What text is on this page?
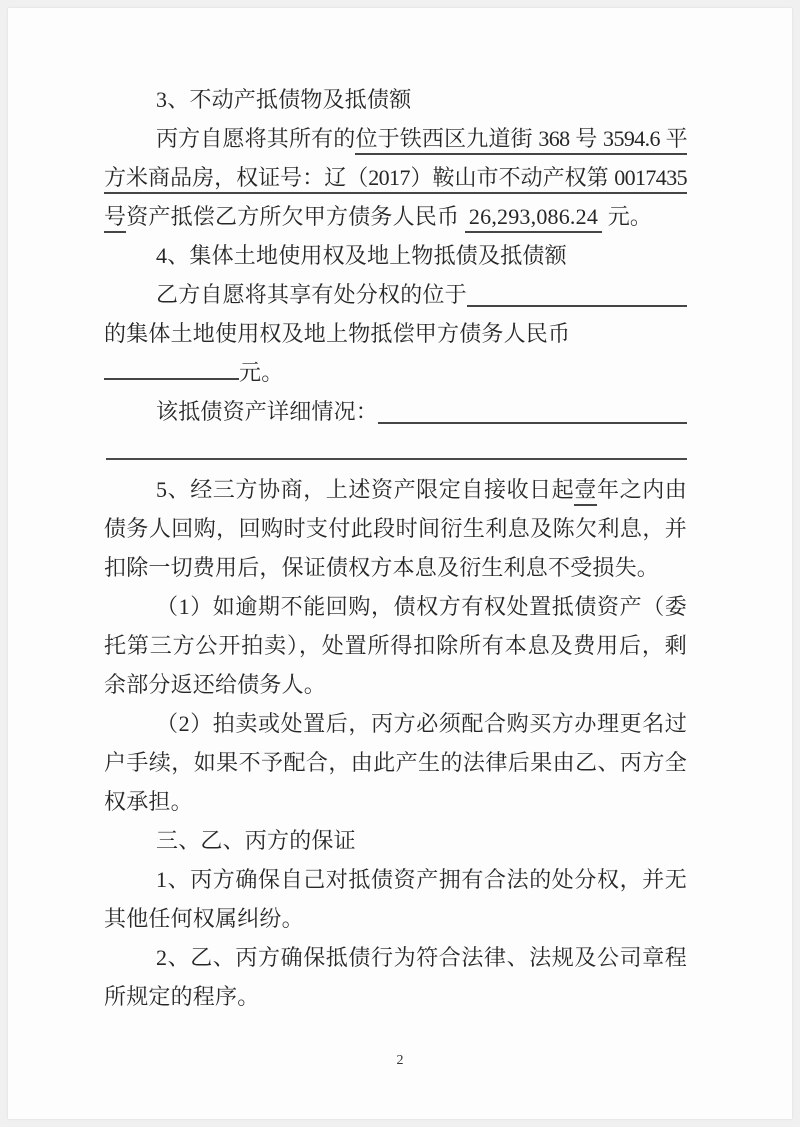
3、不动产抵债物及抵债额
丙方自愿将其所有的位于铁西区九道街 368 号 3594.6 平
方米商品房，权证号：辽（2017）鞍山市不动产权第 0017435
号资产抵偿乙方所欠甲方债务人民币 26,293,086.24 元。
4、集体土地使用权及地上物抵债及抵债额
乙方自愿将其享有处分权的位于
的集体土地使用权及地上物抵偿甲方债务人民币
元。
该抵债资产详细情况：
5、经三方协商，上述资产限定自接收日起壹年之内由
债务人回购，回购时支付此段时间衍生利息及陈欠利息，并
扣除一切费用后，保证债权方本息及衍生利息不受损失。
（1）如逾期不能回购，债权方有权处置抵债资产（委
托第三方公开拍卖），处置所得扣除所有本息及费用后，剩
余部分返还给债务人。
（2）拍卖或处置后，丙方必须配合购买方办理更名过
户手续，如果不予配合，由此产生的法律后果由乙、丙方全
权承担。
三、乙、丙方的保证
1、丙方确保自己对抵债资产拥有合法的处分权，并无
其他任何权属纠纷。
2、乙、丙方确保抵债行为符合法律、法规及公司章程
所规定的程序。
2
